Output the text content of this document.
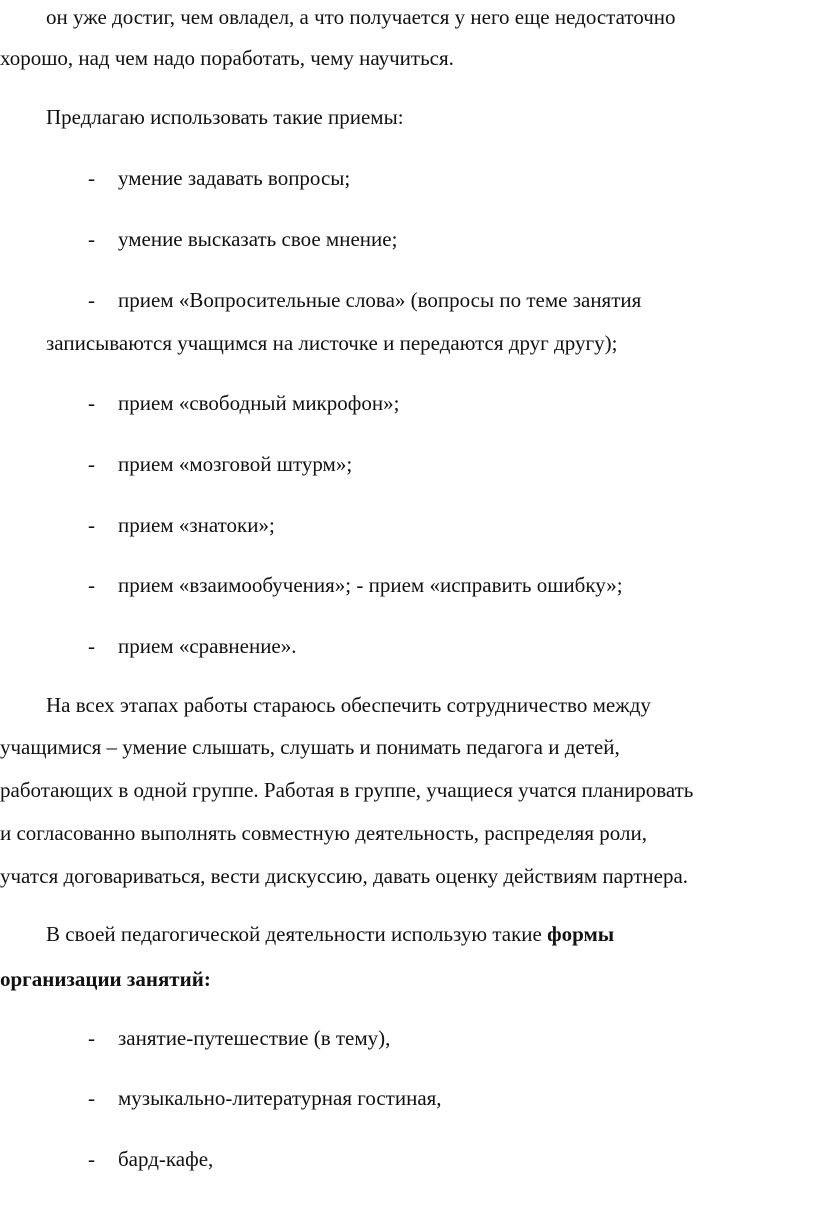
он уже достиг, чем овладел, а что получается у него еще недостаточно
хорошо, над чем надо поработать, чему научиться.
Предлагаю использовать такие приемы:
- умение задавать вопросы;
- умение высказать свое мнение;
- прием «Вопросительные слова» (вопросы по теме занятия
записываются учащимся на листочке и передаются друг другу);
- прием «свободный микрофон»;
- прием «мозговой штурм»;
- прием «знатоки»;
- прием «взаимообучения»; - прием «исправить ошибку»;
- прием «сравнение».
На всех этапах работы стараюсь обеспечить сотрудничество между
учащимися – умение слышать, слушать и понимать педагога и детей,
работающих в одной группе. Работая в группе, учащиеся учатся планировать
и согласованно выполнять совместную деятельность, распределяя роли,
учатся договариваться, вести дискуссию, давать оценку действиям партнера.
В своей педагогической деятельности использую такие формы
организации занятий:
- занятие-путешествие (в тему),
- музыкально-литературная гостиная,
- бард-кафе,
